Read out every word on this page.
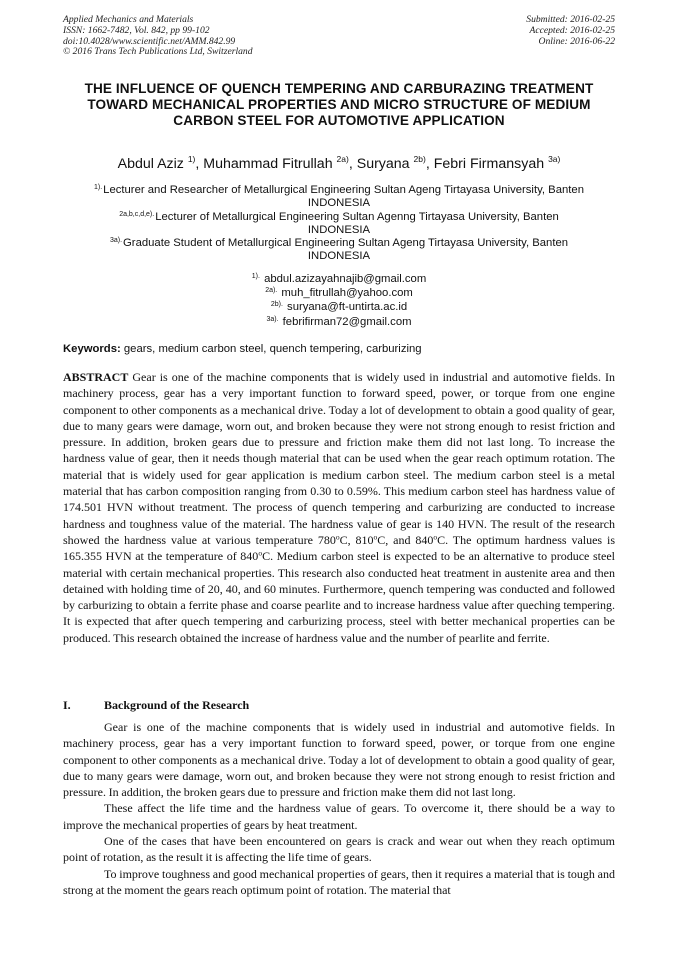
Applied Mechanics and Materials
ISSN: 1662-7482, Vol. 842, pp 99-102
doi:10.4028/www.scientific.net/AMM.842.99
© 2016 Trans Tech Publications Ltd, Switzerland
Submitted: 2016-02-25
Accepted: 2016-02-25
Online: 2016-06-22
THE INFLUENCE OF QUENCH TEMPERING AND CARBURAZING TREATMENT TOWARD MECHANICAL PROPERTIES AND MICRO STRUCTURE OF MEDIUM CARBON STEEL FOR AUTOMOTIVE APPLICATION
Abdul Aziz $^{1)}$, Muhammad Fitrullah $^{2a)}$, Suryana $^{2b)}$, Febri Firmansyah $^{3a)}$

$^{1).}$Lecturer and Researcher of Metallurgical Engineering Sultan Ageng Tirtayasa University, Banten
INDONESIA

$^{2a,b,c,d,e).}$Lecturer of Metallurgical Engineering Sultan Agenng Tirtayasa University, Banten
INDONESIA

$^{3a).}$Graduate Student of Metallurgical Engineering Sultan Ageng Tirtayasa University, Banten
INDONESIA

$^{1).}$ abdul.azizayahnajib@gmail.com
$^{2a).}$ muh_fitrullah@yahoo.com
$^{2b).}$ suryana@ft-untirta.ac.id
$^{3a).}$ febrifirman72@gmail.com
Keywords: gears, medium carbon steel, quench tempering, carburizing

ABSTRACT Gear is one of the machine components that is widely used in industrial and automotive fields. In machinery process, gear has a very important function to forward speed, power, or torque from one engine component to other components as a mechanical drive. Today a lot of development to obtain a good quality of gear, due to many gears were damage, worn out, and broken because they were not strong enough to resist friction and pressure. In addition, broken gears due to pressure and friction make them did not last long. To increase the hardness value of gear, then it needs though material that can be used when the gear reach optimum rotation. The material that is widely used for gear application is medium carbon steel. The medium carbon steel is a metal material that has carbon composition ranging from 0.30 to 0.59%. This medium carbon steel has hardness value of 174.501 HVN without treatment. The process of quench tempering and carburizing are conducted to increase hardness and toughness value of the material. The hardness value of gear is 140 HVN. The result of the research showed the hardness value at various temperature 780$^o$C, 810$^o$C, and 840$^o$C. The optimum hardness values is 165.355 HVN at the temperature of 840$^o$C. Medium carbon steel is expected to be an alternative to produce steel material with certain mechanical properties. This research also conducted heat treatment in austenite area and then detained with holding time of 20, 40, and 60 minutes. Furthermore, quench tempering was conducted and followed by carburizing to obtain a ferrite phase and coarse pearlite and to increase hardness value after queching tempering. It is expected that after quech tempering and carburizing process, steel with better mechanical properties can be produced. This research obtained the increase of hardness value and the number of pearlite and ferrite.

I.	Background of the Research

Gear is one of the machine components that is widely used in industrial and automotive fields. In machinery process, gear has a very important function to forward speed, power, or torque from one engine component to other components as a mechanical drive. Today a lot of development to obtain a good quality of gear, due to many gears were damage, worn out, and broken because they were not strong enough to resist friction and pressure. In addition, the broken gears due to pressure and friction make them did not last long.

These affect the life time and the hardness value of gears. To overcome it, there should be a way to improve the mechanical properties of gears by heat treatment.

One of the cases that have been encountered on gears is crack and wear out when they reach optimum point of rotation, as the result it is affecting the life time of gears.

To improve toughness and good mechanical properties of gears, then it requires a material that is tough and strong at the moment the gears reach optimum point of rotation. The material that
